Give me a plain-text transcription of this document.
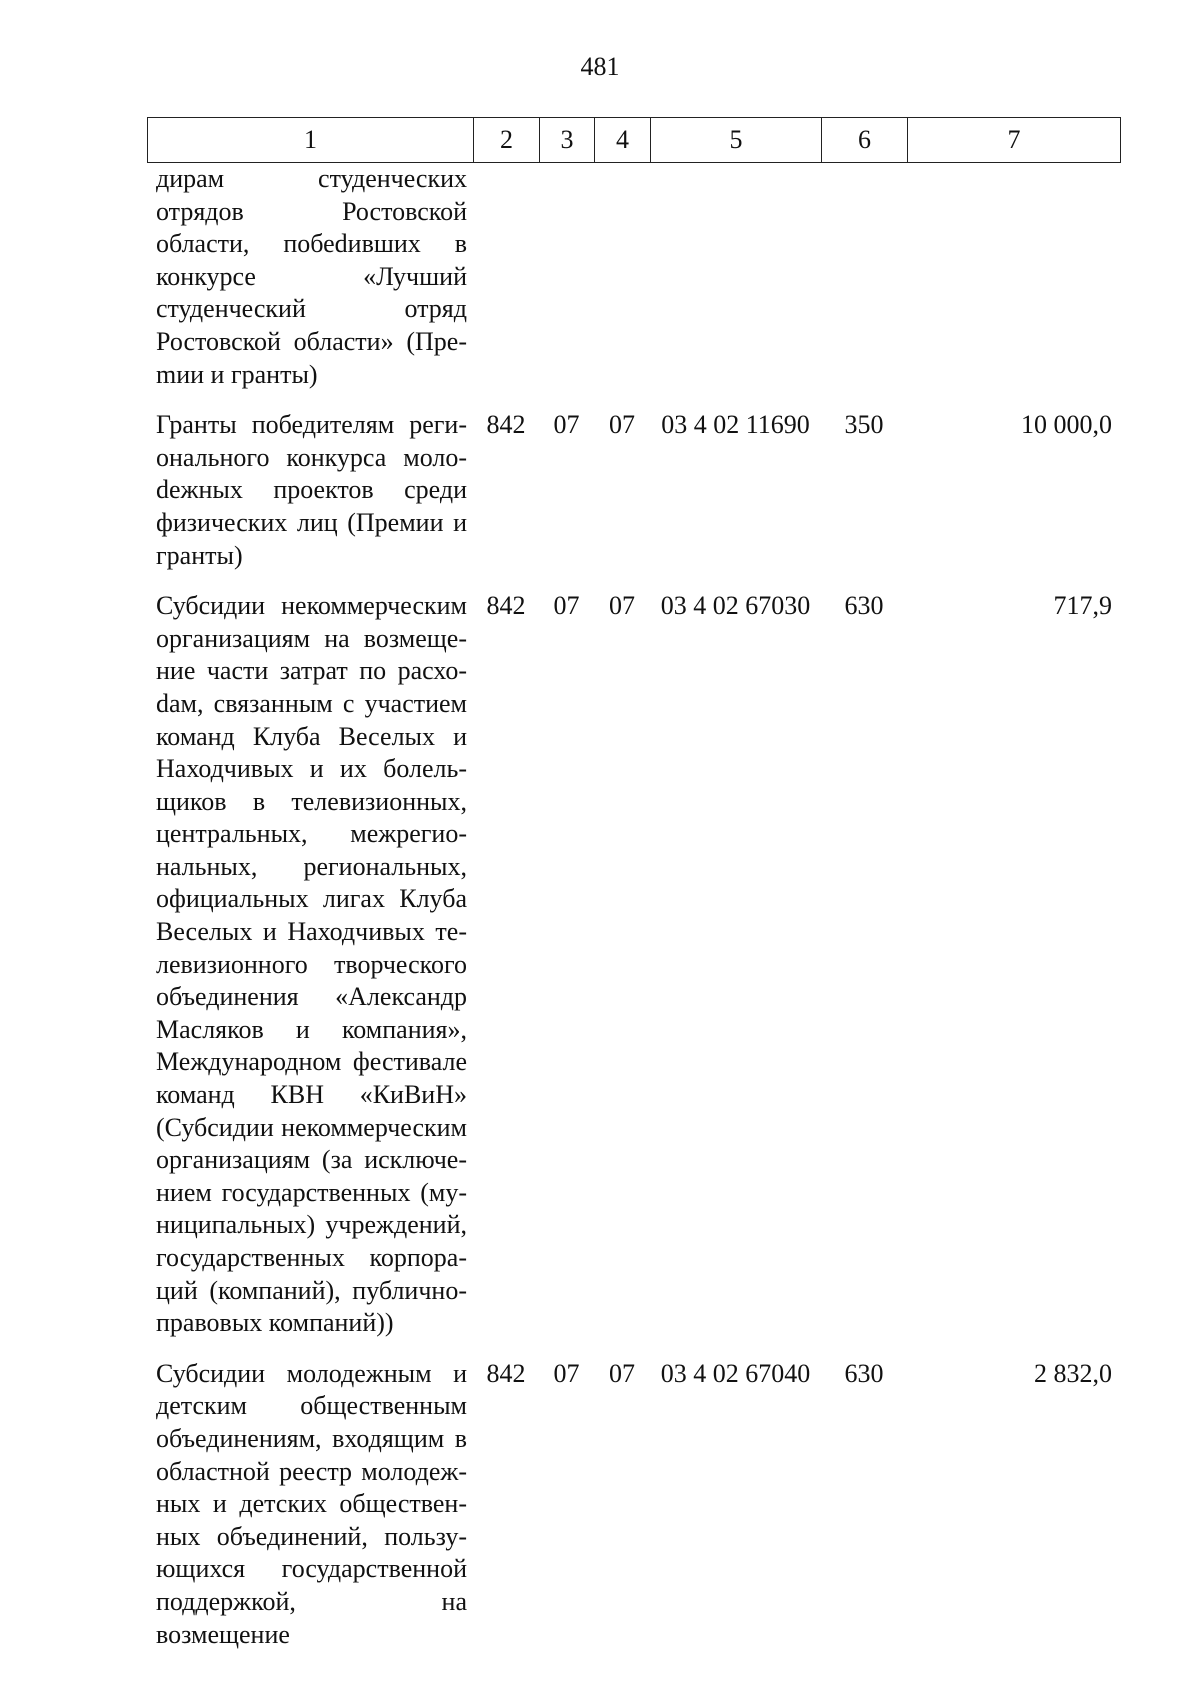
481
1	2	3	4	5	6	7
дирам студенческих отрядов Ростовской области, побеdивших в конкурсе «Лучший студенческий отряд Ростовской области» (Преmии и гранты)						
Гранты победителям регионального конкурса молоdежных проектов среди физических лиц (Премии и гранты)	842	07	07	03 4 02 11690	350	10 000,0
Субсидии некоммерческим организациям на возмещение части затрат по расхоdам, связанным с участием команд Клуба Веселых и Находчивых и их болельщиков в телевизионных, центральных, межрегиональных, региональных, официальных лигах Клуба Веселых и Находчивых телевизионного творческого объединения «Александр Масляков и компания», Международном фестивале команд КВН «КиВиН» (Субсидии некоммерческим организациям (за исключением государственных (муниципальных) учреждений, государственных корпораций (компаний), публично-правовых компаний))	842	07	07	03 4 02 67030	630	717,9
Субсидии молодежным и детским общественным объединениям, входящим в областной реестр молодежных и детских общественных объединений, пользующихся государственной поддержкой, на возмещение	842	07	07	03 4 02 67040	630	2 832,0
